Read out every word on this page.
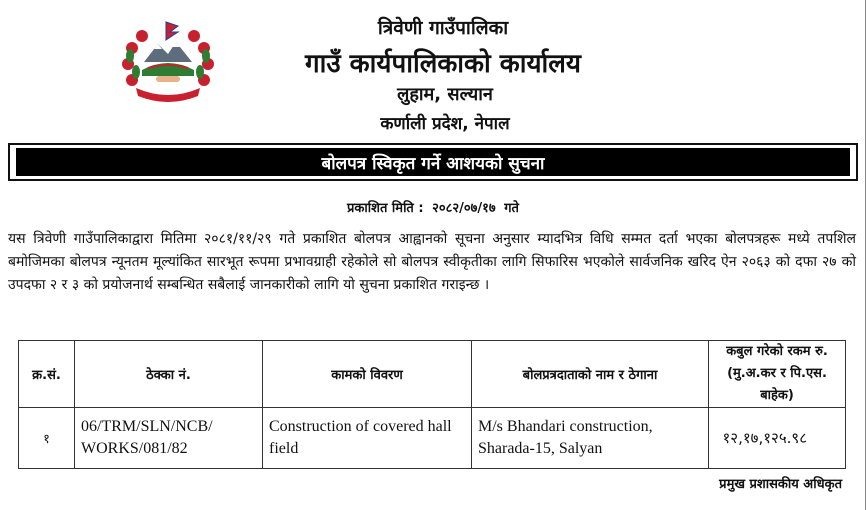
त्रिवेणी गाउँपालिका
गाउँ कार्यपालिकाको कार्यालय
लुहाम, सल्यान
कर्णाली प्रदेश, नेपाल
बोलपत्र स्विकृत गर्ने आशयको सुचना
प्रकाशित मिति : २०८२/०७/१७ गते
यस त्रिवेणी गाउँपालिकाद्वारा मितिमा २०८१/११/२९ गते प्रकाशित बोलपत्र आह्वानको सूचना अनुसार म्यादभित्र विधि सम्मत दर्ता भएका बोलपत्रहरू मध्ये तपशिल बमोजिमका बोलपत्र न्यूनतम मूल्यांकित सारभूत रूपमा प्रभावग्राही रहेकोले सो बोलपत्र स्वीकृतीका लागि सिफारिस भएकोले सार्वजनिक खरिद ऐन २०६३ को दफा २७ को उपदफा २ र ३ को प्रयोजनार्थ सम्बन्धित सबैलाई जानकारीको लागि यो सुचना प्रकाशित गराइन्छ ।
क्र.सं.	ठेक्का नं.	कामको विवरण	बोलप्रत्रदाताको नाम र ठेगाना	कबुल गरेको रकम रु.
(मु.अ.कर र पि.एस. बाहेक)

१	06/TRM/SLN/NCB/ WORKS/081/82	Construction of covered hall field	M/s Bhandari construction, Sharada-15, Salyan	१२,१७,१२५.९८
प्रमुख प्रशासकीय अधिकृत
